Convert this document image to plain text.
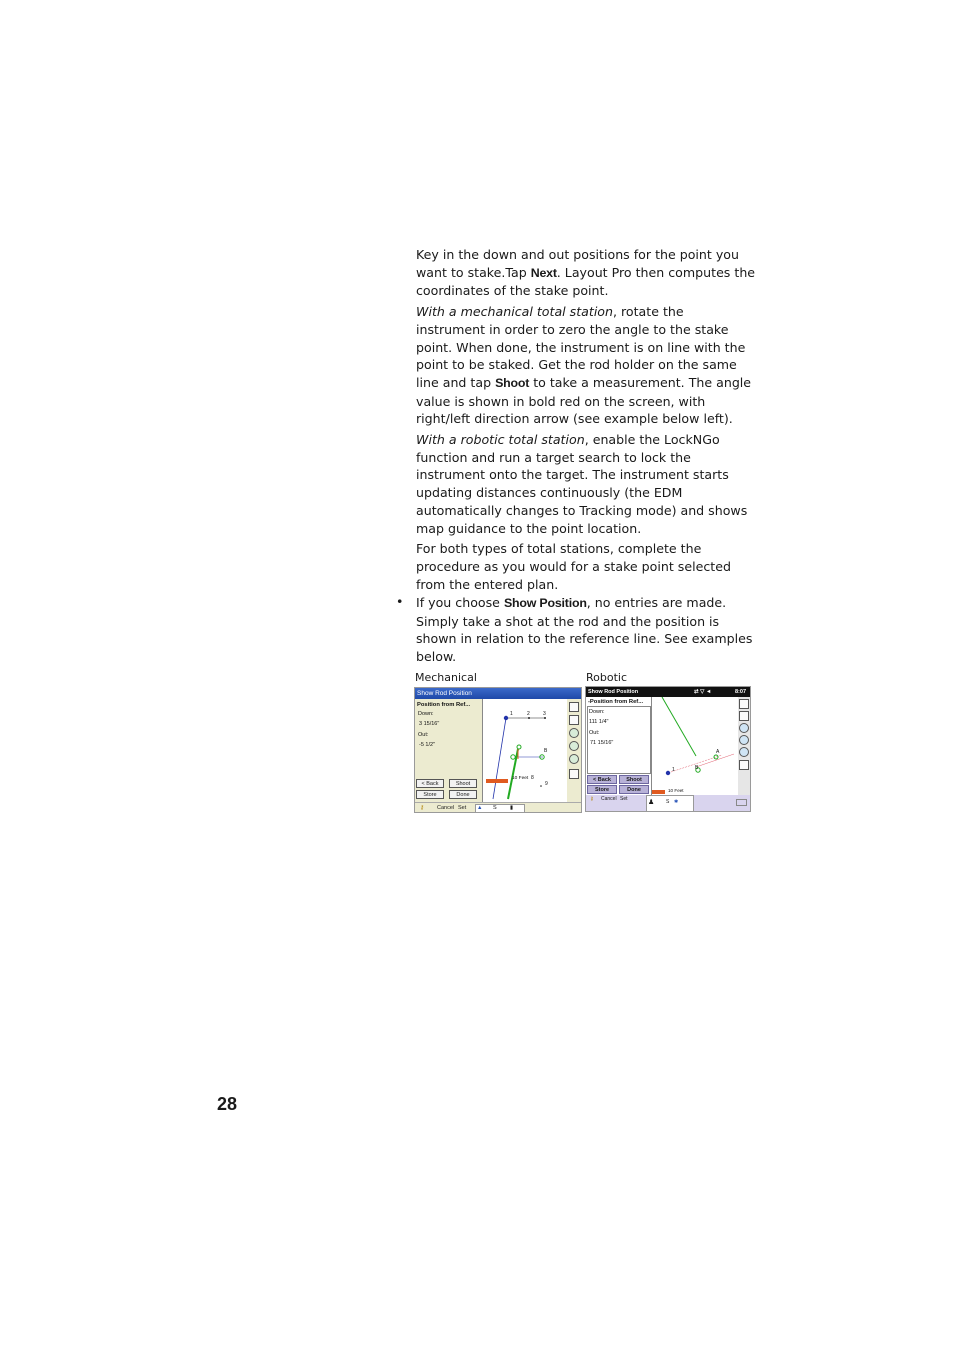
Key in the down and out positions for the point you want to stake.Tap Next. Layout Pro then computes the coordinates of the stake point.

With a mechanical total station, rotate the instrument in order to zero the angle to the stake point. When done, the instrument is on line with the point to be staked. Get the rod holder on the same line and tap Shoot to take a measurement. The angle value is shown in bold red on the screen, with right/left direction arrow (see example below left).

With a robotic total station, enable the LockNGo function and run a target search to lock the instrument onto the target. The instrument starts updating distances continuously (the EDM automatically changes to Tracking mode) and shows map guidance to the point location.

For both types of total stations, complete the procedure as you would for a stake point selected from the entered plan.

• If you choose Show Position, no entries are made. Simply take a shot at the rod and the position is shown in relation to the reference line. See examples below.
Mechanical	Robotic
Show Rod Position
Position from Ref...
Down:
3 15/16"
Out:
-5 1/2"
< Back	Shoot
Store	Done
1	2	3
B
10 Feet 8
9
⚷ Cancel Set ▲ S ▮
Show Rod Position	⇄ ▽ ◄	8:07
-Position from Ref...
Down:
111 1/4"
Out:
71 15/16"
< Back	Shoot
Store	Done
1
A
B
10 Feet
⚷ Cancel Set	♟ S ✱
28
